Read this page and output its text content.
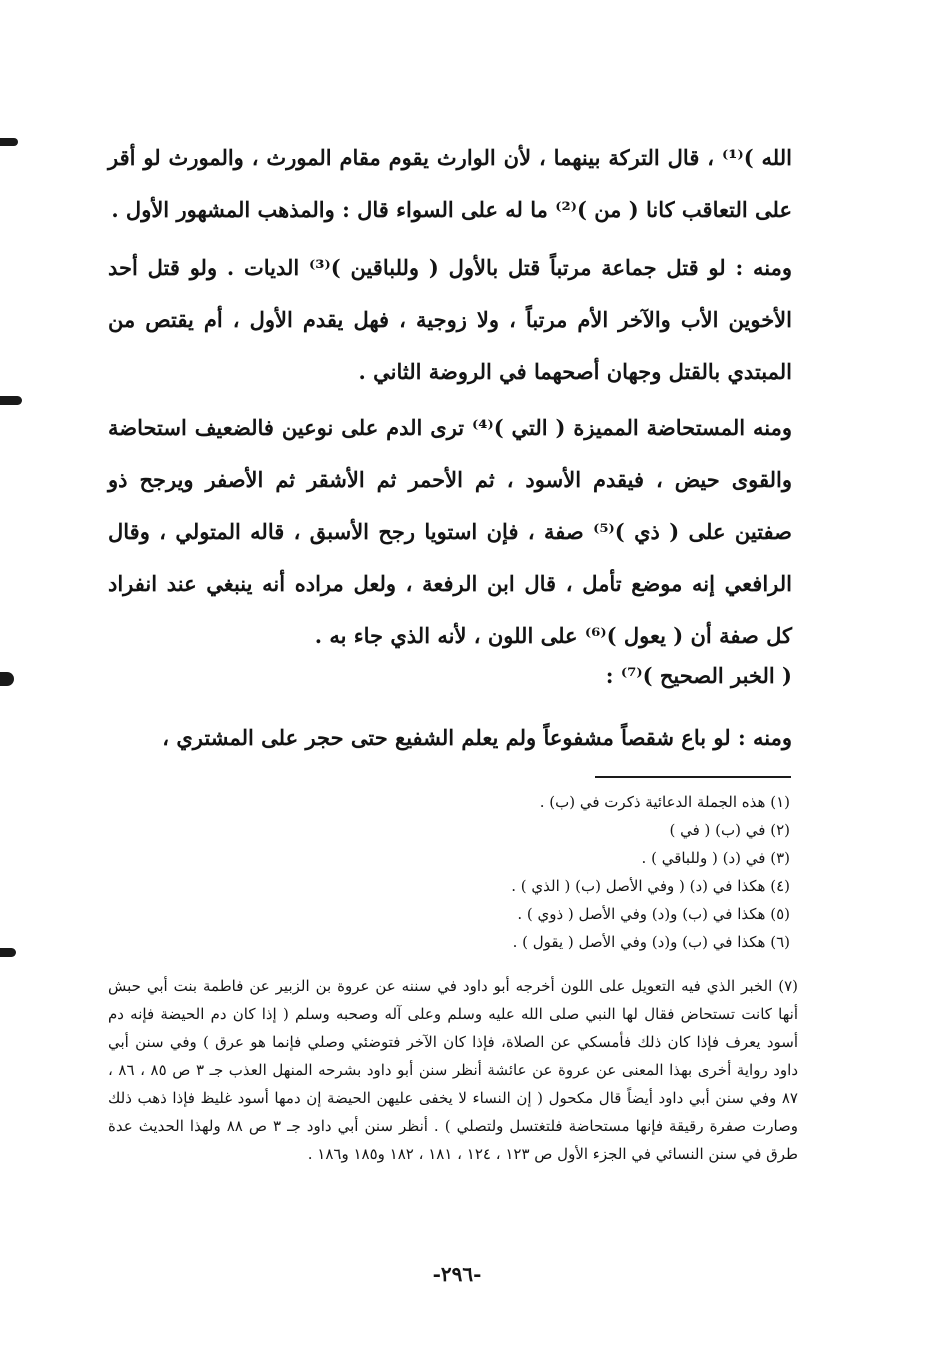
الله )⁽¹⁾ ، قال التركة بينهما ، لأن الوارث يقوم مقام المورث ، والمورث لو أقر على التعاقب كانا ( من )⁽²⁾ ما له على السواء قال : والمذهب المشهور الأول .

ومنه : لو قتل جماعة مرتباً قتل بالأول ( وللباقين )⁽³⁾ الديات . ولو قتل أحد الأخوين الأب والآخر الأم مرتباً ، ولا زوجية ، فهل يقدم الأول ، أم يقتص من المبتدي بالقتل وجهان أصحهما في الروضة الثاني .

ومنه المستحاضة المميزة ( التي )⁽⁴⁾ ترى الدم على نوعين فالضعيف استحاضة والقوى حيض ، فيقدم الأسود ، ثم الأحمر ثم الأشقر ثم الأصفر ويرجح ذو صفتين على ( ذي )⁽⁵⁾ صفة ، فإن استويا رجح الأسبق ، قاله المتولي ، وقال الرافعي إنه موضع تأمل ، قال ابن الرفعة ، ولعل مراده أنه ينبغي عند انفراد كل صفة أن ( يعول )⁽⁶⁾ على اللون ، لأنه الذي جاء به .

( الخبر الصحيح )⁽⁷⁾ :

ومنه : لو باع شقصاً مشفوعاً ولم يعلم الشفيع حتى حجر على المشتري ،

(١) هذه الجملة الدعائية ذكرت في (ب) .

(٢) في (ب) ( في )

(٣) في (د) ( وللباقي ) .

(٤) هكذا في (د) ( وفي الأصل (ب) ( الذي ) .

(٥) هكذا في (ب) و(د) وفي الأصل ( ذوي ) .

(٦) هكذا في (ب) و(د) وفي الأصل ( يقول ) .

(٧) الخبر الذي فيه التعويل على اللون أخرجه أبو داود في سننه عن عروة بن الزبير عن فاطمة بنت أبي حبش أنها كانت تستحاض فقال لها النبي صلى الله عليه وسلم وعلى آله وصحبه وسلم ( إذا كان دم الحيضة فإنه دم أسود يعرف فإذا كان ذلك فأمسكي عن الصلاة، فإذا كان الآخر فتوضئي وصلي فإنما هو عرق ) وفي سنن أبي داود رواية أخرى بهذا المعنى عن عروة عن عائشة أنظر سنن أبو داود بشرحه المنهل العذب جـ ٣ ص ٨٥ ، ٨٦ ، ٨٧ وفي سنن أبي داود أيضاً قال مكحول ( إن النساء لا يخفى عليهن الحيضة إن دمها أسود غليظ فإذا ذهب ذلك وصارت صفرة رقيقة فإنها مستحاضة فلتغتسل ولتصلي ) . أنظر سنن أبي داود جـ ٣ ص ٨٨ ولهذا الحديث عدة طرق في سنن النسائي في الجزء الأول ص ١٢٣ ، ١٢٤ ، ١٨١ ، ١٨٢ و١٨٥ و١٨٦ .

-٢٩٦-
